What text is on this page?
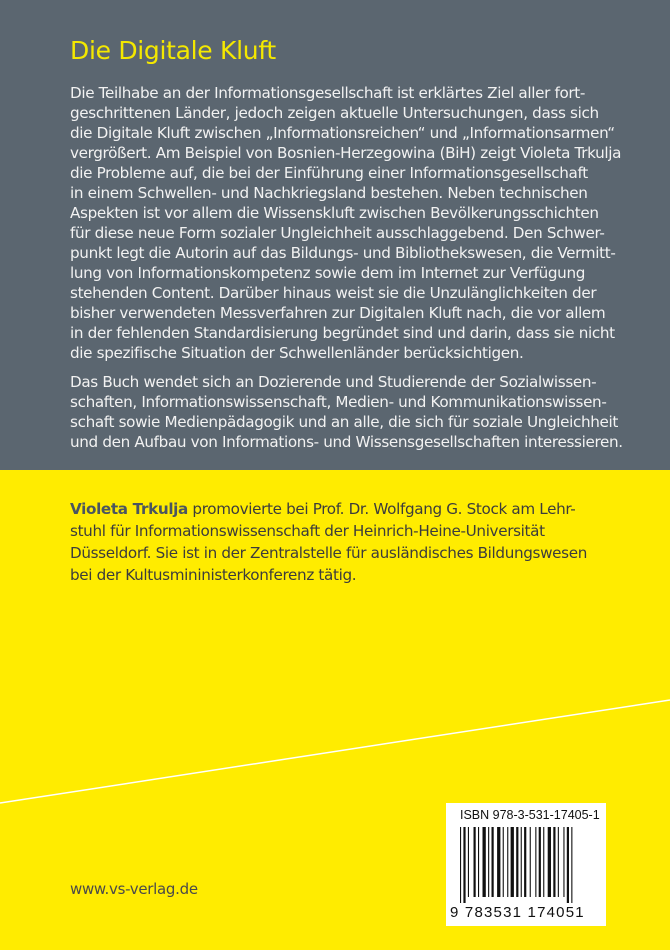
Die Digitale Kluft
Die Teilhabe an der Informationsgesellschaft ist erklärtes Ziel aller fort-
geschrittenen Länder, jedoch zeigen aktuelle Untersuchungen, dass sich
die Digitale Kluft zwischen „Informationsreichen“ und „Informationsarmen“
vergrößert. Am Beispiel von Bosnien-Herzegowina (BiH) zeigt Violeta Trkulja
die Probleme auf, die bei der Einführung einer Informationsgesellschaft
in einem Schwellen- und Nachkriegsland bestehen. Neben technischen
Aspekten ist vor allem die Wissenskluft zwischen Bevölkerungsschichten
für diese neue Form sozialer Ungleichheit ausschlaggebend. Den Schwer-
punkt legt die Autorin auf das Bildungs- und Bibliothekswesen, die Vermitt-
lung von Informationskompetenz sowie dem im Internet zur Verfügung
stehenden Content. Darüber hinaus weist sie die Unzulänglichkeiten der
bisher verwendeten Messverfahren zur Digitalen Kluft nach, die vor allem
in der fehlenden Standardisierung begründet sind und darin, dass sie nicht
die spezifische Situation der Schwellenländer berücksichtigen.
Das Buch wendet sich an Dozierende und Studierende der Sozialwissen-
schaften, Informationswissenschaft, Medien- und Kommunikationswissen-
schaft sowie Medienpädagogik und an alle, die sich für soziale Ungleichheit
und den Aufbau von Informations- und Wissensgesellschaften interessieren.
Violeta Trkulja promovierte bei Prof. Dr. Wolfgang G. Stock am Lehr-
stuhl für Informationswissenschaft der Heinrich-Heine-Universität
Düsseldorf. Sie ist in der Zentralstelle für ausländisches Bildungswesen
bei der Kultusmininisterkonferenz tätig.
www.vs-verlag.de
ISBN 978-3-531-17405-1
9 783531 174051
